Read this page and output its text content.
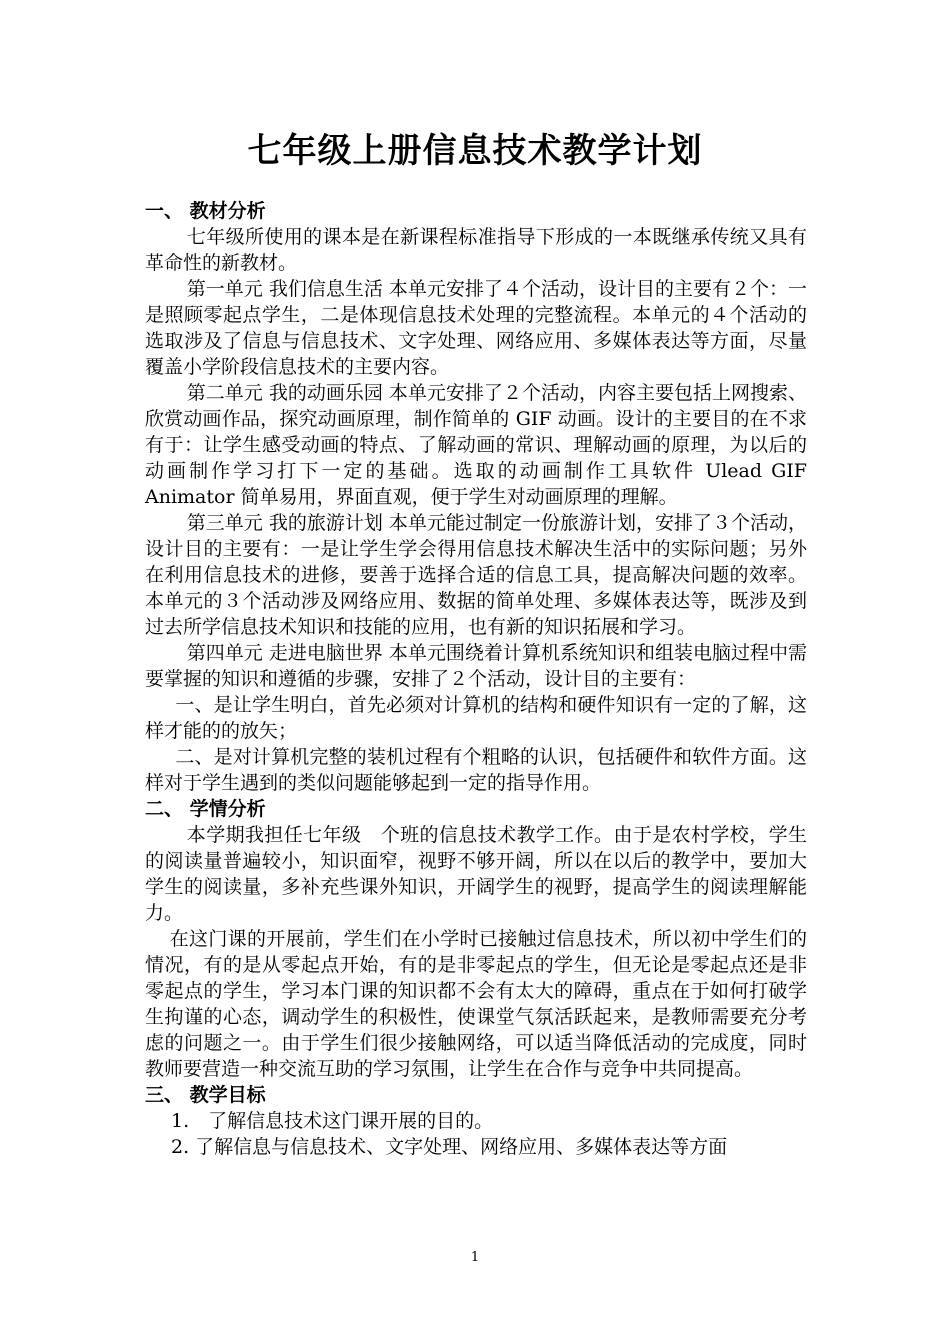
七年级上册信息技术教学计划

一、 教材分析

七年级所使用的课本是在新课程标准指导下形成的一本既继承传统又具有革命性的新教材。

第一单元 我们信息生活 本单元安排了４个活动，设计目的主要有２个：一是照顾零起点学生，二是体现信息技术处理的完整流程。本单元的４个活动的选取涉及了信息与信息技术、文字处理、网络应用、多媒体表达等方面，尽量覆盖小学阶段信息技术的主要内容。

第二单元 我的动画乐园 本单元安排了２个活动，内容主要包括上网搜索、欣赏动画作品，探究动画原理，制作简单的 GIF 动画。设计的主要目的在不求有于：让学生感受动画的特点、了解动画的常识、理解动画的原理，为以后的动画制作学习打下一定的基础。选取的动画制作工具软件 Ulead GIF Animator 简单易用，界面直观，便于学生对动画原理的理解。

第三单元 我的旅游计划 本单元能过制定一份旅游计划，安排了３个活动，设计目的主要有：一是让学生学会得用信息技术解决生活中的实际问题；另外在利用信息技术的进修，要善于选择合适的信息工具，提高解决问题的效率。本单元的３个活动涉及网络应用、数据的简单处理、多媒体表达等，既涉及到过去所学信息技术知识和技能的应用，也有新的知识拓展和学习。

第四单元 走进电脑世界 本单元围绕着计算机系统知识和组装电脑过程中需要掌握的知识和遵循的步骤，安排了２个活动，设计目的主要有：

一、是让学生明白，首先必须对计算机的结构和硬件知识有一定的了解，这样才能的的放矢；

二、是对计算机完整的装机过程有个粗略的认识，包括硬件和软件方面。这样对于学生遇到的类似问题能够起到一定的指导作用。

二、 学情分析

本学期我担任七年级　个班的信息技术教学工作。由于是农村学校，学生的阅读量普遍较小，知识面窄，视野不够开阔，所以在以后的教学中，要加大学生的阅读量，多补充些课外知识，开阔学生的视野，提高学生的阅读理解能力。

在这门课的开展前，学生们在小学时已接触过信息技术，所以初中学生们的情况，有的是从零起点开始，有的是非零起点的学生，但无论是零起点还是非零起点的学生，学习本门课的知识都不会有太大的障碍，重点在于如何打破学生拘谨的心态，调动学生的积极性，使课堂气氛活跃起来，是教师需要充分考虑的问题之一。由于学生们很少接触网络，可以适当降低活动的完成度，同时教师要营造一种交流互助的学习氛围，让学生在合作与竞争中共同提高。

三、 教学目标

1.　了解信息技术这门课开展的目的。

2. 了解信息与信息技术、文字处理、网络应用、多媒体表达等方面

1
